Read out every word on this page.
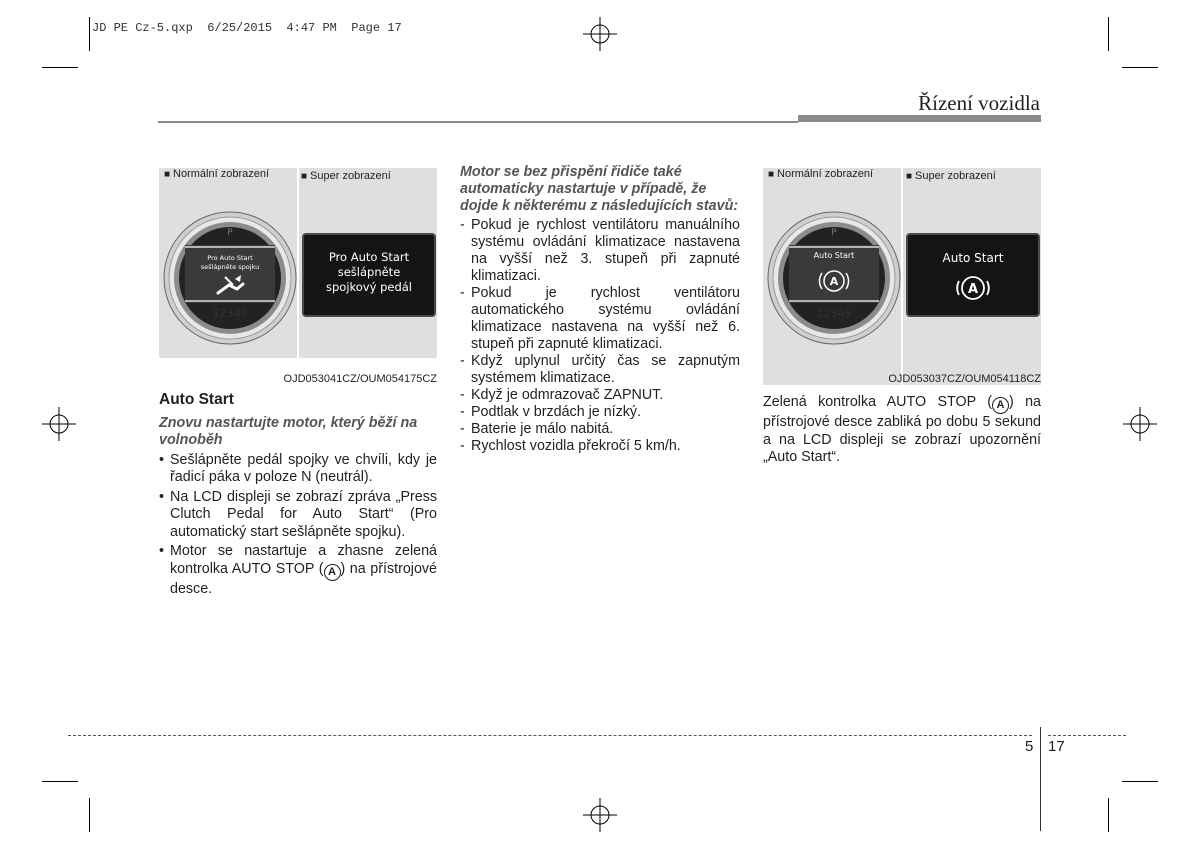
JD PE Cz-5.qxp  6/25/2015  4:47 PM  Page 17
Řízení vozidla
■ Normální zobrazení	■ Super zobrazení
P
Pro Auto Start
sešlápněte spojku
12345
Pro Auto Start
sešlápněte
spojkový pedál
OJD053041CZ/OUM054175CZ
■ Normální zobrazení	■ Super zobrazení
P
Auto Start
A
12345
Auto Start
A
OJD053037CZ/OUM054118CZ
Auto Start
Znovu nastartujte motor, který běží na volnoběh
• Sešlápněte pedál spojky ve chvíli, kdy je řadicí páka v poloze N (neutrál).
• Na LCD displeji se zobrazí zpráva „Press Clutch Pedal for Auto Start“ (Pro automatický start sešlápněte spojku).
• Motor se nastartuje a zhasne zelená kontrolka AUTO STOP ( A ) na přístrojové desce.
Motor se bez přispění řidiče také automaticky nastartuje v případě, že dojde k některému z následujících stavů:
- Pokud je rychlost ventilátoru manuálního systému ovládání klimatizace nastavena na vyšší než 3. stupeň při zapnuté klimatizaci.
- Pokud je rychlost ventilátoru automatického systému ovládání klimatizace nastavena na vyšší než 6. stupeň při zapnuté klimatizaci.
- Když uplynul určitý čas se zapnutým systémem klimatizace.
- Když je odmrazovač ZAPNUT.
- Podtlak v brzdách je nízký.
- Baterie je málo nabitá.
- Rychlost vozidla překročí 5 km/h.
Zelená kontrolka AUTO STOP ( A ) na přístrojové desce zabliká po dobu 5 sekund a na LCD displeji se zobrazí upozornění „Auto Start“.
5 17
